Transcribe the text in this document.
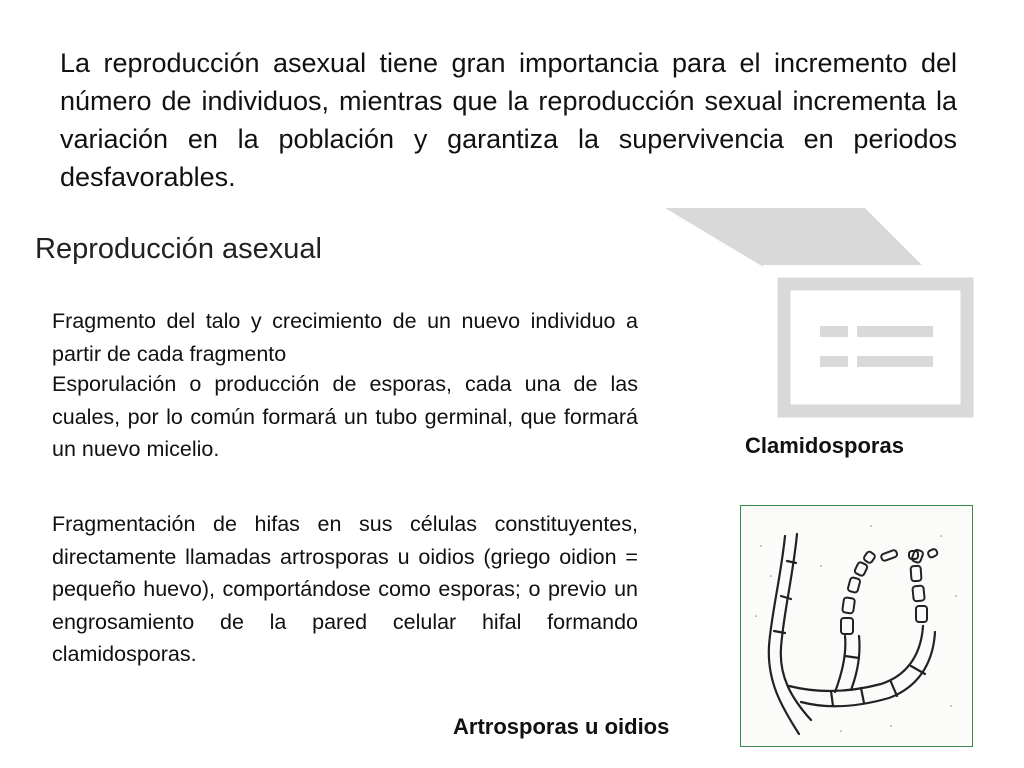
La reproducción asexual tiene gran importancia para el incremento del número de individuos, mientras que la reproducción sexual incrementa la variación en la población y garantiza la supervivencia en periodos desfavorables.

Reproducción asexual

Fragmento del talo y crecimiento de un nuevo individuo a partir de cada fragmento

Esporulación o producción de esporas, cada una de las cuales, por lo común formará un tubo germinal, que formará un nuevo micelio.

Fragmentación de hifas en sus células constituyentes, directamente llamadas artrosporas u oidios (griego oidion = pequeño huevo), comportándose como esporas; o previo un engrosamiento de la pared celular hifal formando clamidosporas.

Clamidosporas

Artrosporas u oidios
